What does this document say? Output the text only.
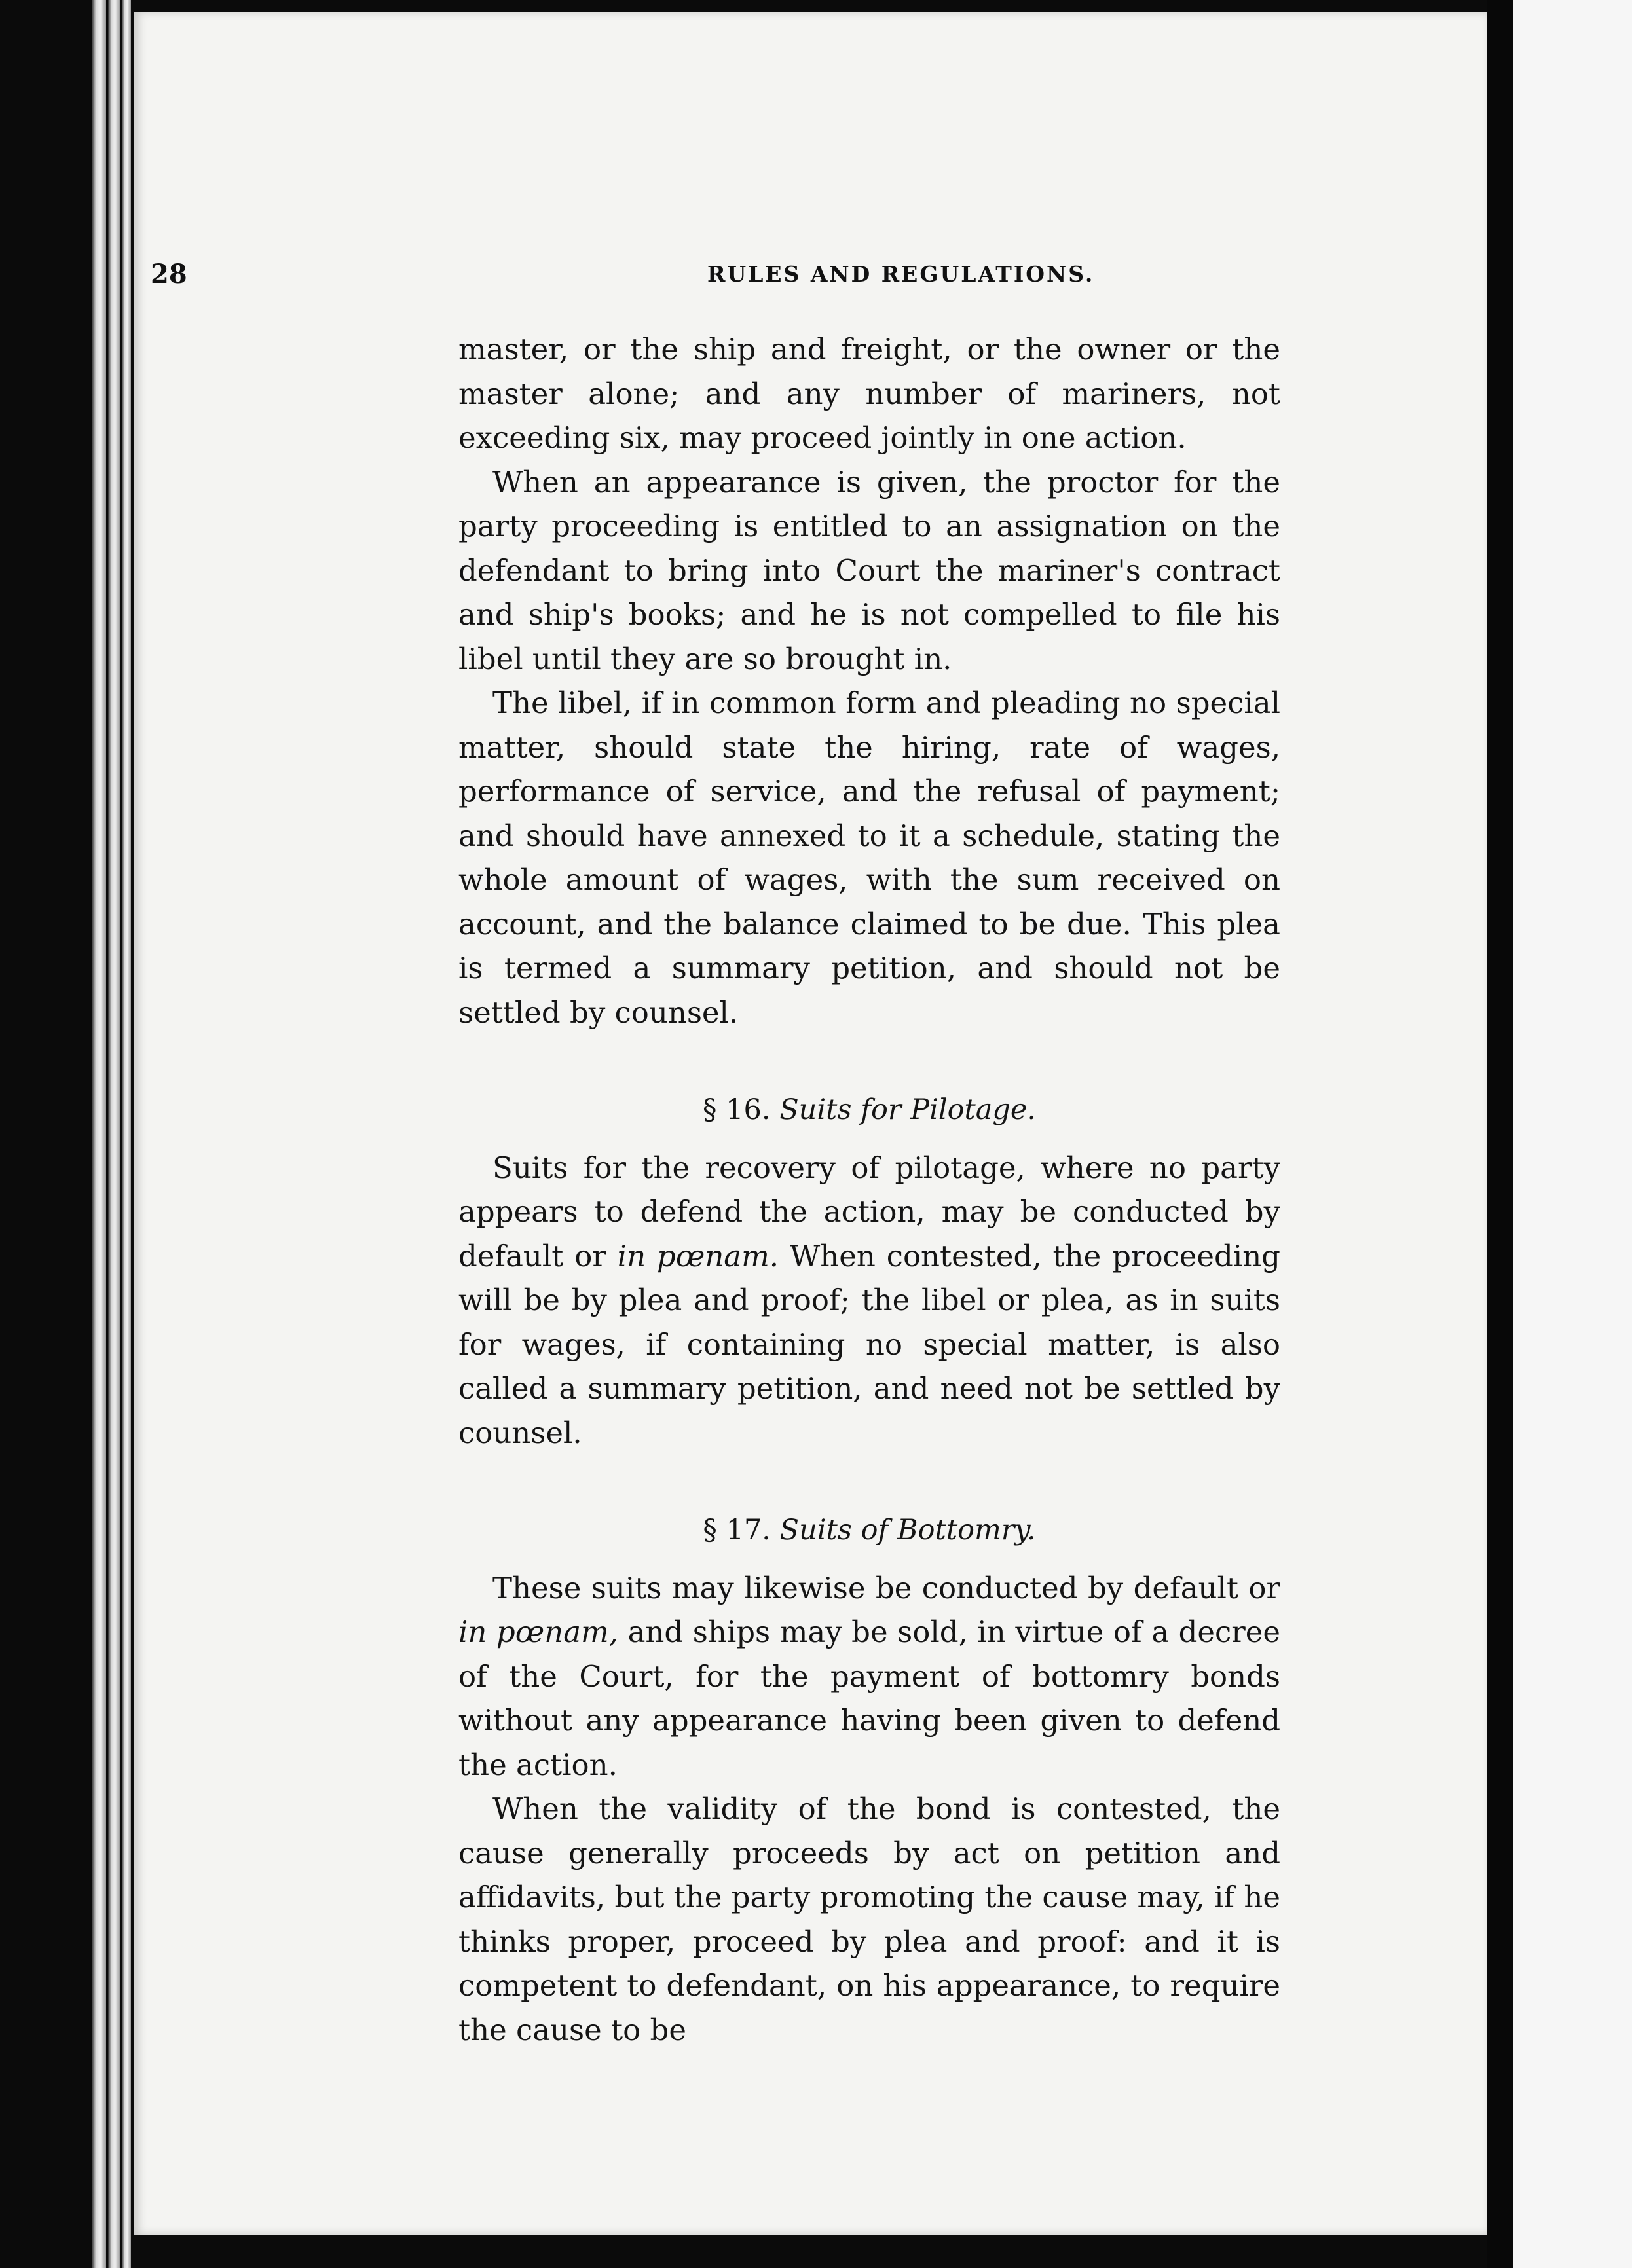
28	RULES AND REGULATIONS.

master, or the ship and freight, or the owner or the master alone; and any number of mariners, not exceeding six, may proceed jointly in one action.

When an appearance is given, the proctor for the party proceeding is entitled to an assignation on the defendant to bring into Court the mariner's contract and ship's books; and he is not compelled to file his libel until they are so brought in.

The libel, if in common form and pleading no special matter, should state the hiring, rate of wages, performance of service, and the refusal of payment; and should have annexed to it a schedule, stating the whole amount of wages, with the sum received on account, and the balance claimed to be due. This plea is termed a summary petition, and should not be settled by counsel.

§ 16. Suits for Pilotage.

Suits for the recovery of pilotage, where no party appears to defend the action, may be conducted by default or in pœnam. When contested, the proceeding will be by plea and proof; the libel or plea, as in suits for wages, if containing no special matter, is also called a summary petition, and need not be settled by counsel.

§ 17. Suits of Bottomry.

These suits may likewise be conducted by default or in pœnam, and ships may be sold, in virtue of a decree of the Court, for the payment of bottomry bonds without any appearance having been given to defend the action.

When the validity of the bond is contested, the cause generally proceeds by act on petition and affidavits, but the party promoting the cause may, if he thinks proper, proceed by plea and proof: and it is competent to defendant, on his appearance, to require the cause to be
